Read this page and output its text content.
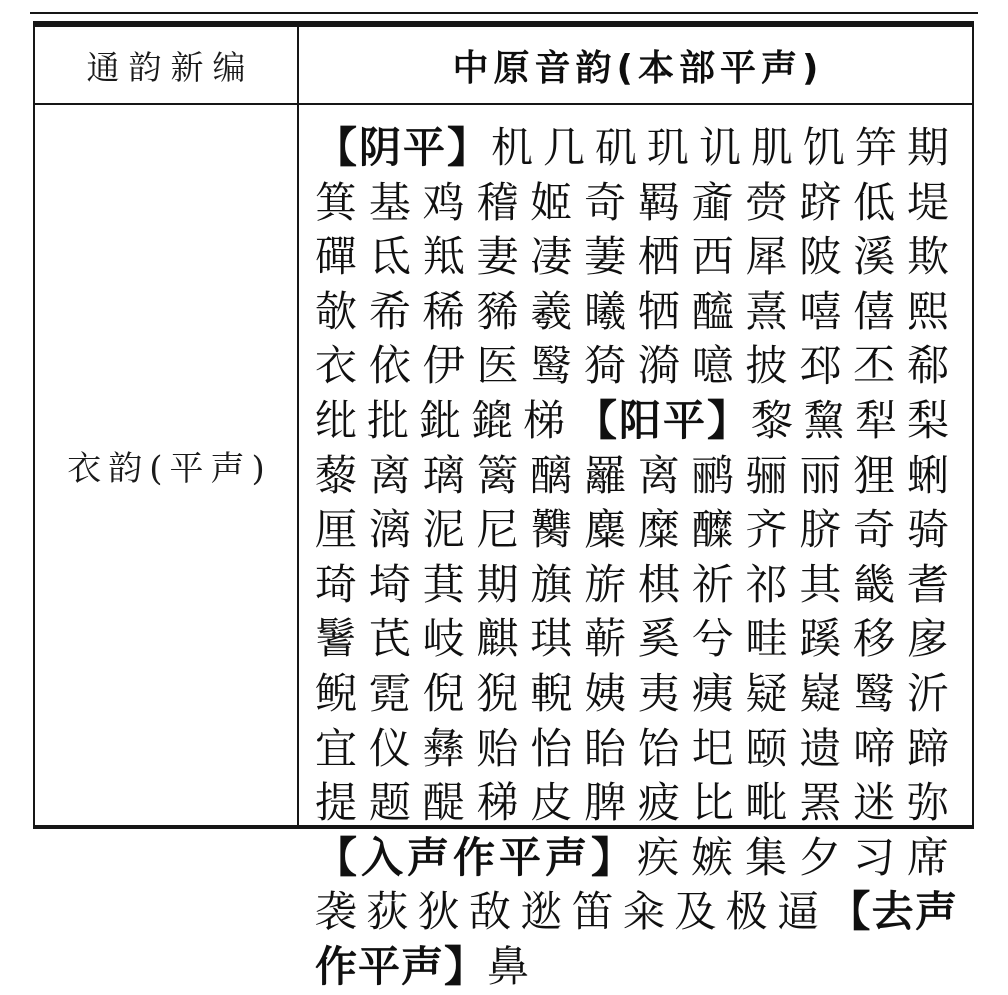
通韵新编	中原音韵(本部平声)
衣韵(平声)
【阴平】机几矶玑讥肌饥笄期箕基鸡稽姬奇羁齑赍跻低堤磾氐羝妻凄萋栖西犀陂溪欺欹希稀豨羲曦牺醯熹嘻僖熙衣依伊医鹥猗漪噫披邳丕郗纰批鈚鎞梯【阳平】黎黧犁梨藜离璃篱醨䍦离鹂骊丽狸蜊厘漓泥尼臡麋糜醾齐脐奇骑琦埼萁期旗旂棋祈祁其畿耆鬐芪岐麒琪蕲奚兮畦蹊移扅鲵霓倪猊輗姨夷痍疑嶷鹥沂宜仪彝贻怡眙饴圯颐遗啼蹄提题醍稊皮脾疲比毗罴迷弥【入声作平声】疾嫉集夕习席袭荻狄敌逖笛籴及极逼【去声作平声】鼻
